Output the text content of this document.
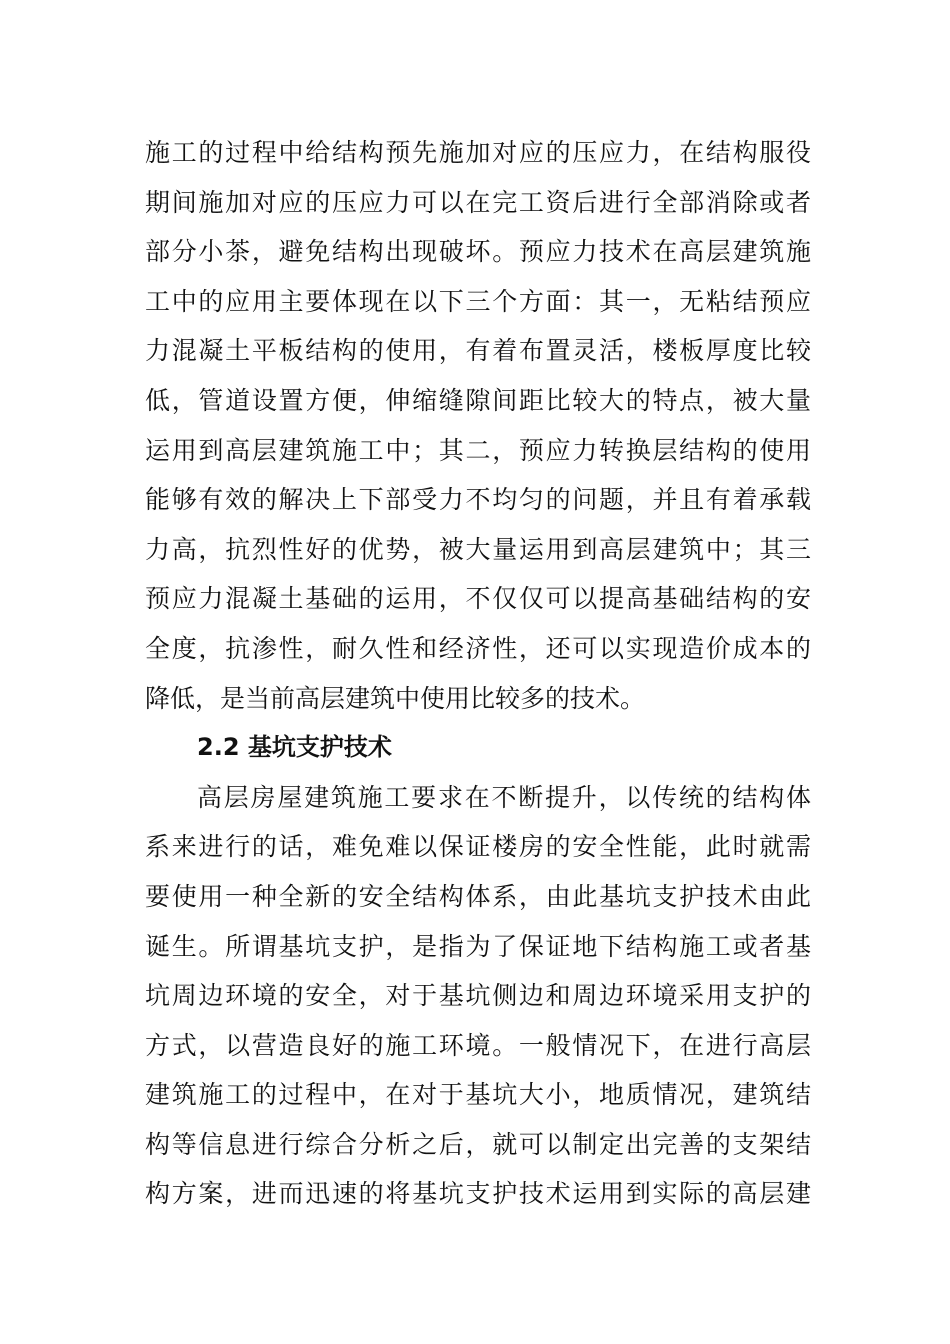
施工的过程中给结构预先施加对应的压应力，在结构服役
期间施加对应的压应力可以在完工资后进行全部消除或者
部分小茶，避免结构出现破坏。预应力技术在高层建筑施
工中的应用主要体现在以下三个方面：其一，无粘结预应
力混凝土平板结构的使用，有着布置灵活，楼板厚度比较
低，管道设置方便，伸缩缝隙间距比较大的特点，被大量
运用到高层建筑施工中；其二，预应力转换层结构的使用
能够有效的解决上下部受力不均匀的问题，并且有着承载
力高，抗烈性好的优势，被大量运用到高层建筑中；其三
预应力混凝土基础的运用，不仅仅可以提高基础结构的安
全度，抗渗性，耐久性和经济性，还可以实现造价成本的
降低，是当前高层建筑中使用比较多的技术。
2.2 基坑支护技术
高层房屋建筑施工要求在不断提升，以传统的结构体
系来进行的话，难免难以保证楼房的安全性能，此时就需
要使用一种全新的安全结构体系，由此基坑支护技术由此
诞生。所谓基坑支护，是指为了保证地下结构施工或者基
坑周边环境的安全，对于基坑侧边和周边环境采用支护的
方式，以营造良好的施工环境。一般情况下，在进行高层
建筑施工的过程中，在对于基坑大小，地质情况，建筑结
构等信息进行综合分析之后，就可以制定出完善的支架结
构方案，进而迅速的将基坑支护技术运用到实际的高层建
